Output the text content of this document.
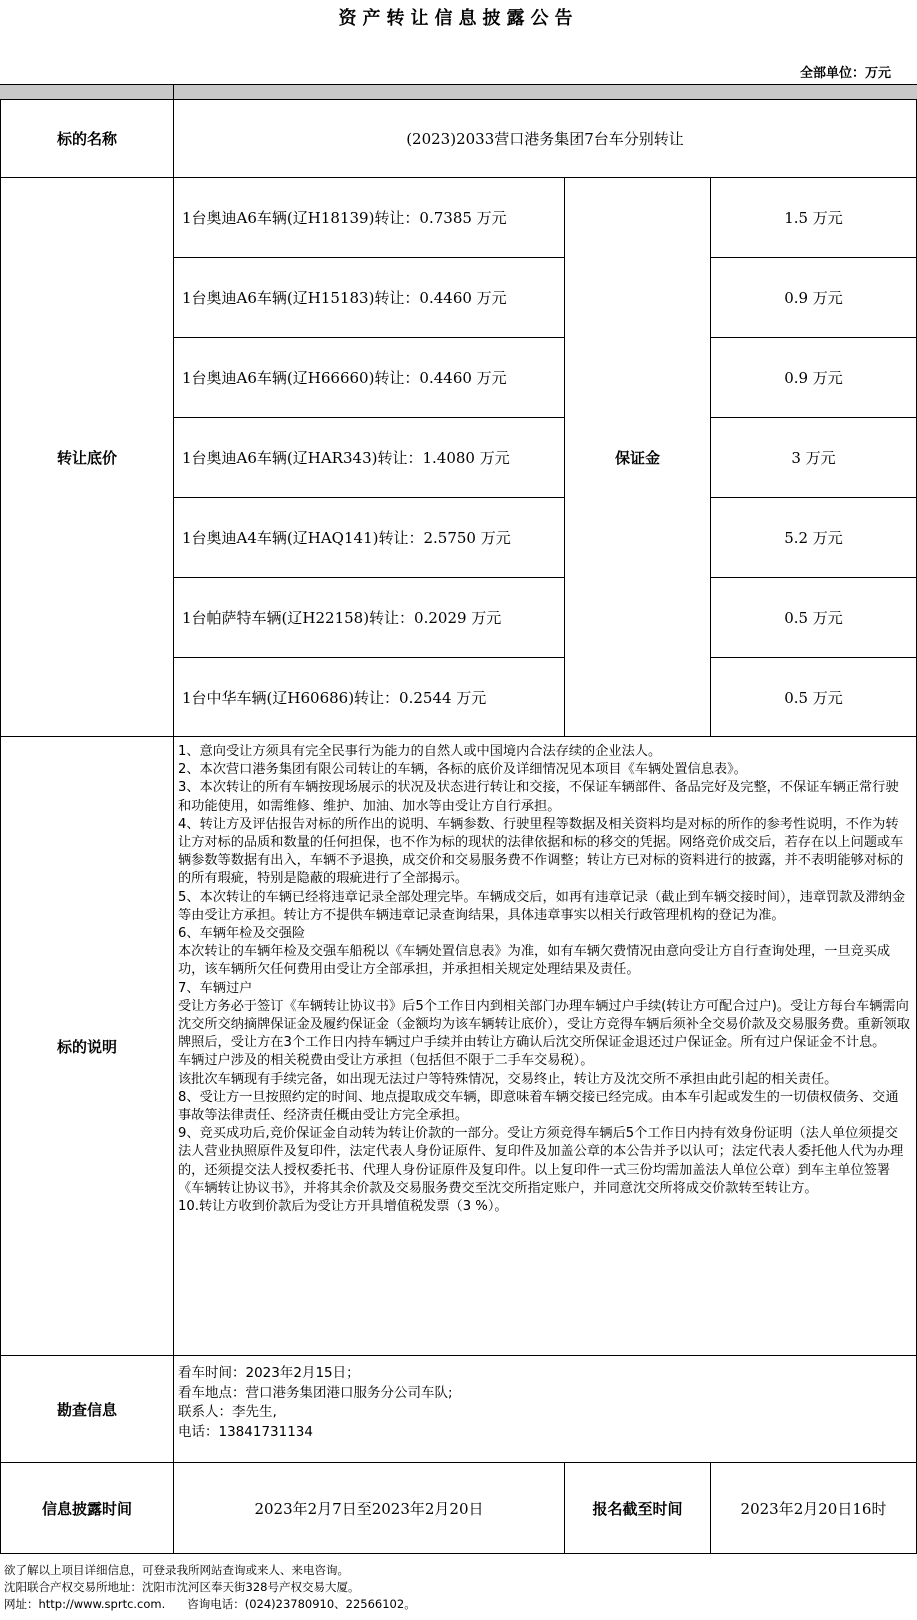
资产转让信息披露公告
全部单位：万元
标的名称	(2023)2033营口港务集团7台车分别转让
转让底价	保证金
1台奥迪A6车辆(辽H18139)转让：0.7385 万元	1.5 万元
1台奥迪A6车辆(辽H15183)转让：0.4460 万元	0.9 万元
1台奥迪A6车辆(辽H66660)转让：0.4460 万元	0.9 万元
1台奥迪A6车辆(辽HAR343)转让：1.4080 万元	3 万元
1台奥迪A4车辆(辽HAQ141)转让：2.5750 万元	5.2 万元
1台帕萨特车辆(辽H22158)转让：0.2029 万元	0.5 万元
1台中华车辆(辽H60686)转让：0.2544 万元	0.5 万元
标的说明

1、意向受让方须具有完全民事行为能力的自然人或中国境内合法存续的企业法人。

2、本次营口港务集团有限公司转让的车辆，各标的底价及详细情况见本项目《车辆处置信息表》。

3、本次转让的所有车辆按现场展示的状况及状态进行转让和交接，不保证车辆部件、备品完好及完整，不保证车辆正常行驶和功能使用，如需维修、维护、加油、加水等由受让方自行承担。

4、转让方及评估报告对标的所作出的说明、车辆参数、行驶里程等数据及相关资料均是对标的所作的参考性说明，不作为转让方对标的品质和数量的任何担保，也不作为标的现状的法律依据和标的移交的凭据。网络竞价成交后，若存在以上问题或车辆参数等数据有出入，车辆不予退换，成交价和交易服务费不作调整；转让方已对标的资料进行的披露，并不表明能够对标的的所有瑕疵，特别是隐蔽的瑕疵进行了全部揭示。

5、本次转让的车辆已经将违章记录全部处理完毕。车辆成交后，如再有违章记录（截止到车辆交接时间），违章罚款及滞纳金等由受让方承担。转让方不提供车辆违章记录查询结果，具体违章事实以相关行政管理机构的登记为准。

6、车辆年检及交强险

本次转让的车辆年检及交强车船税以《车辆处置信息表》为准，如有车辆欠费情况由意向受让方自行查询处理，一旦竞买成功，该车辆所欠任何费用由受让方全部承担，并承担相关规定处理结果及责任。

7、车辆过户

受让方务必于签订《车辆转让协议书》后5个工作日内到相关部门办理车辆过户手续(转让方可配合过户)。受让方每台车辆需向沈交所交纳摘牌保证金及履约保证金（金额均为该车辆转让底价），受让方竞得车辆后须补全交易价款及交易服务费。重新领取牌照后，受让方在3个工作日内持车辆过户手续并由转让方确认后沈交所保证金退还过户保证金。所有过户保证金不计息。

车辆过户涉及的相关税费由受让方承担（包括但不限于二手车交易税）。

该批次车辆现有手续完备，如出现无法过户等特殊情况，交易终止，转让方及沈交所不承担由此引起的相关责任。

8、受让方一旦按照约定的时间、地点提取成交车辆，即意味着车辆交接已经完成。由本车引起或发生的一切债权债务、交通事故等法律责任、经济责任概由受让方完全承担。

9、竞买成功后,竞价保证金自动转为转让价款的一部分。受让方须竞得车辆后5个工作日内持有效身份证明（法人单位须提交法人营业执照原件及复印件，法定代表人身份证原件、复印件及加盖公章的本公告并予以认可；法定代表人委托他人代为办理的，还须提交法人授权委托书、代理人身份证原件及复印件。以上复印件一式三份均需加盖法人单位公章）到车主单位签署《车辆转让协议书》，并将其余价款及交易服务费交至沈交所指定账户，并同意沈交所将成交价款转至转让方。

10.转让方收到价款后为受让方开具增值税发票（3 %）。

勘查信息

看车时间：2023年2月15日；

看车地点：营口港务集团港口服务分公司车队;

联系人：李先生,

电话：13841731134

信息披露时间	2023年2月7日至2023年2月20日	报名截至时间	2023年2月20日16时

欲了解以上项目详细信息，可登录我所网站查询或来人、来电咨询。

沈阳联合产权交易所地址：沈阳市沈河区奉天街328号产权交易大厦。

网址：http://www.sprtc.com.      咨询电话：(024)23780910、22566102。
